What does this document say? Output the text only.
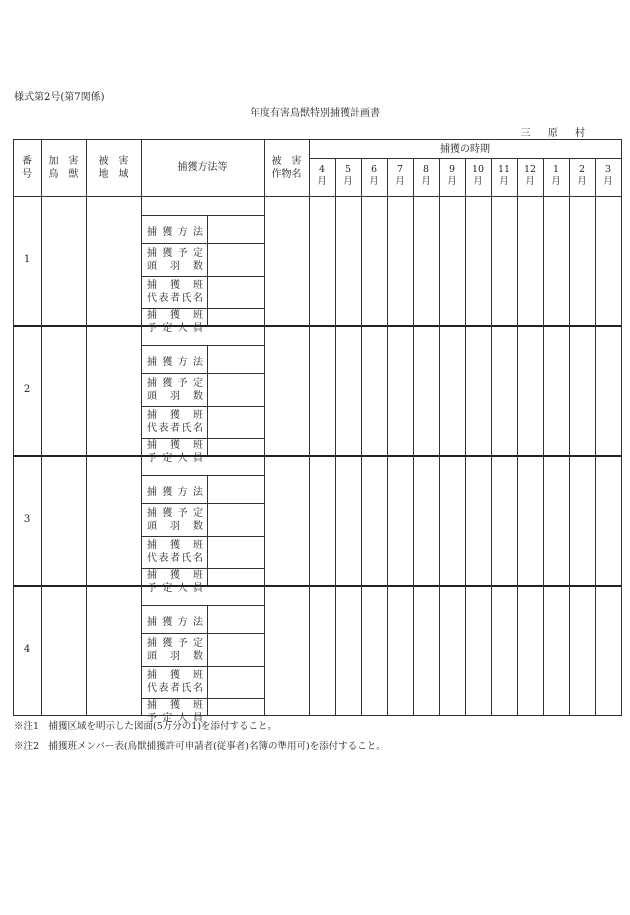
様式第2号(第7関係)
年度有害鳥獣特別捕獲計画書
三 原 村
番
号
加　害
鳥　獣
被　害
地　域
捕獲方法等
被　害
作物名
捕獲の時期
4
月
5
月
6
月
7
月
8
月
9
月
10
月
11
月
12
月
1
月
2
月
3
月
1
捕 獲 方 法
捕 獲 予 定
頭 羽 数
捕 獲 班
代 表 者 氏 名
捕 獲 班
予 定 人 員
2
捕 獲 方 法
捕 獲 予 定
頭 羽 数
捕 獲 班
代 表 者 氏 名
捕 獲 班
予 定 人 員
3
捕 獲 方 法
捕 獲 予 定
頭 羽 数
捕 獲 班
代 表 者 氏 名
捕 獲 班
予 定 人 員
4
捕 獲 方 法
捕 獲 予 定
頭 羽 数
捕 獲 班
代 表 者 氏 名
捕 獲 班
予 定 人 員
※注1　捕獲区域を明示した図面(5万分の1)を添付すること。
※注2　捕獲班メンバー表(鳥獣捕獲許可申請者(従事者)名簿の準用可)を添付すること。
